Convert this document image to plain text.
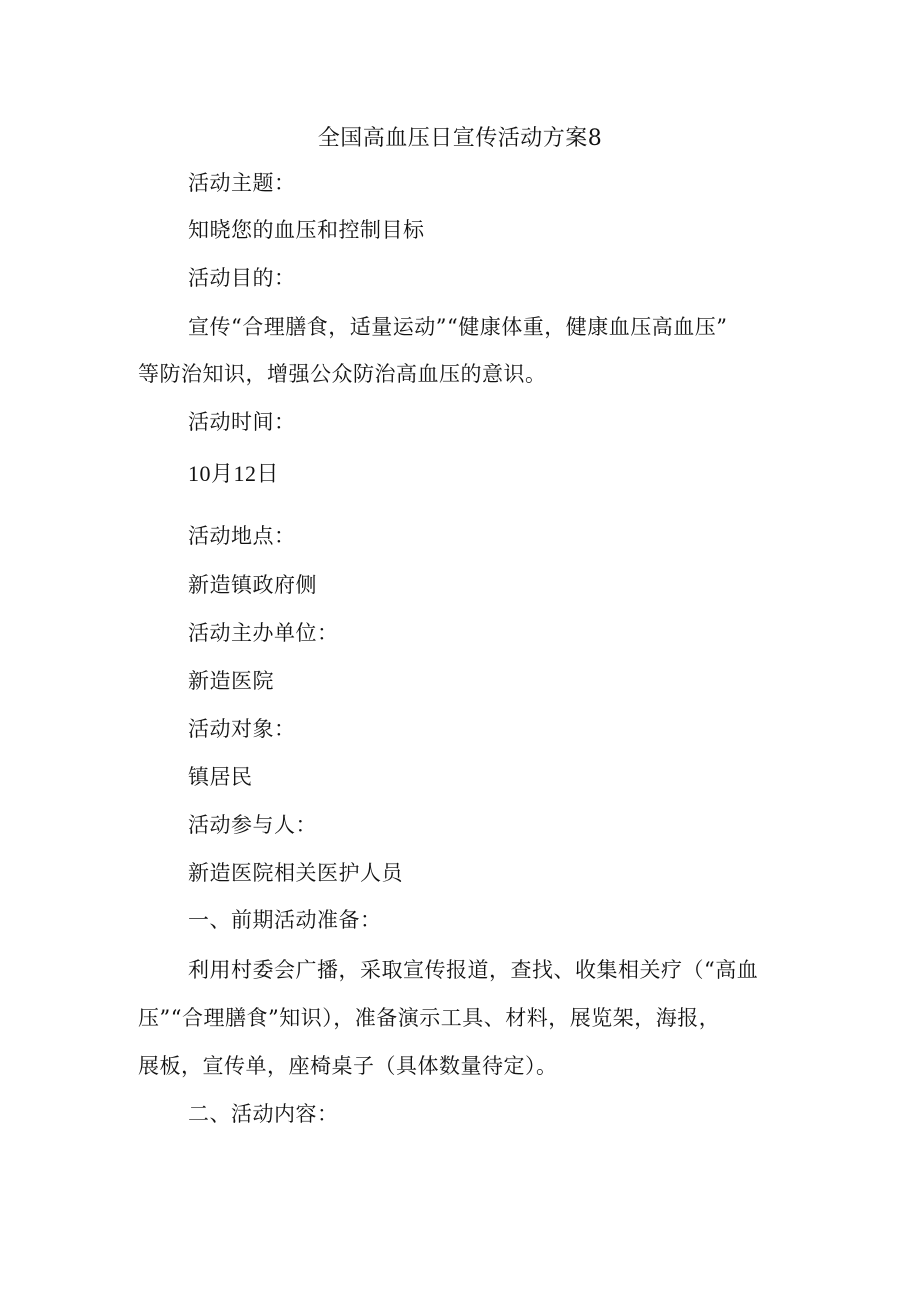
全国高血压日宣传活动方案8

活动主题：

知晓您的血压和控制目标

活动目的：

宣传“合理膳食，适量运动”“健康体重，健康血压高血压”

等防治知识，增强公众防治高血压的意识。

活动时间：

10月12日

活动地点：

新造镇政府侧

活动主办单位：

新造医院

活动对象：

镇居民

活动参与人：

新造医院相关医护人员

一、前期活动准备：

利用村委会广播，采取宣传报道，查找、收集相关疗（“高血

压”“合理膳食”知识），准备演示工具、材料，展览架，海报，

展板，宣传单，座椅桌子（具体数量待定）。

二、活动内容：
